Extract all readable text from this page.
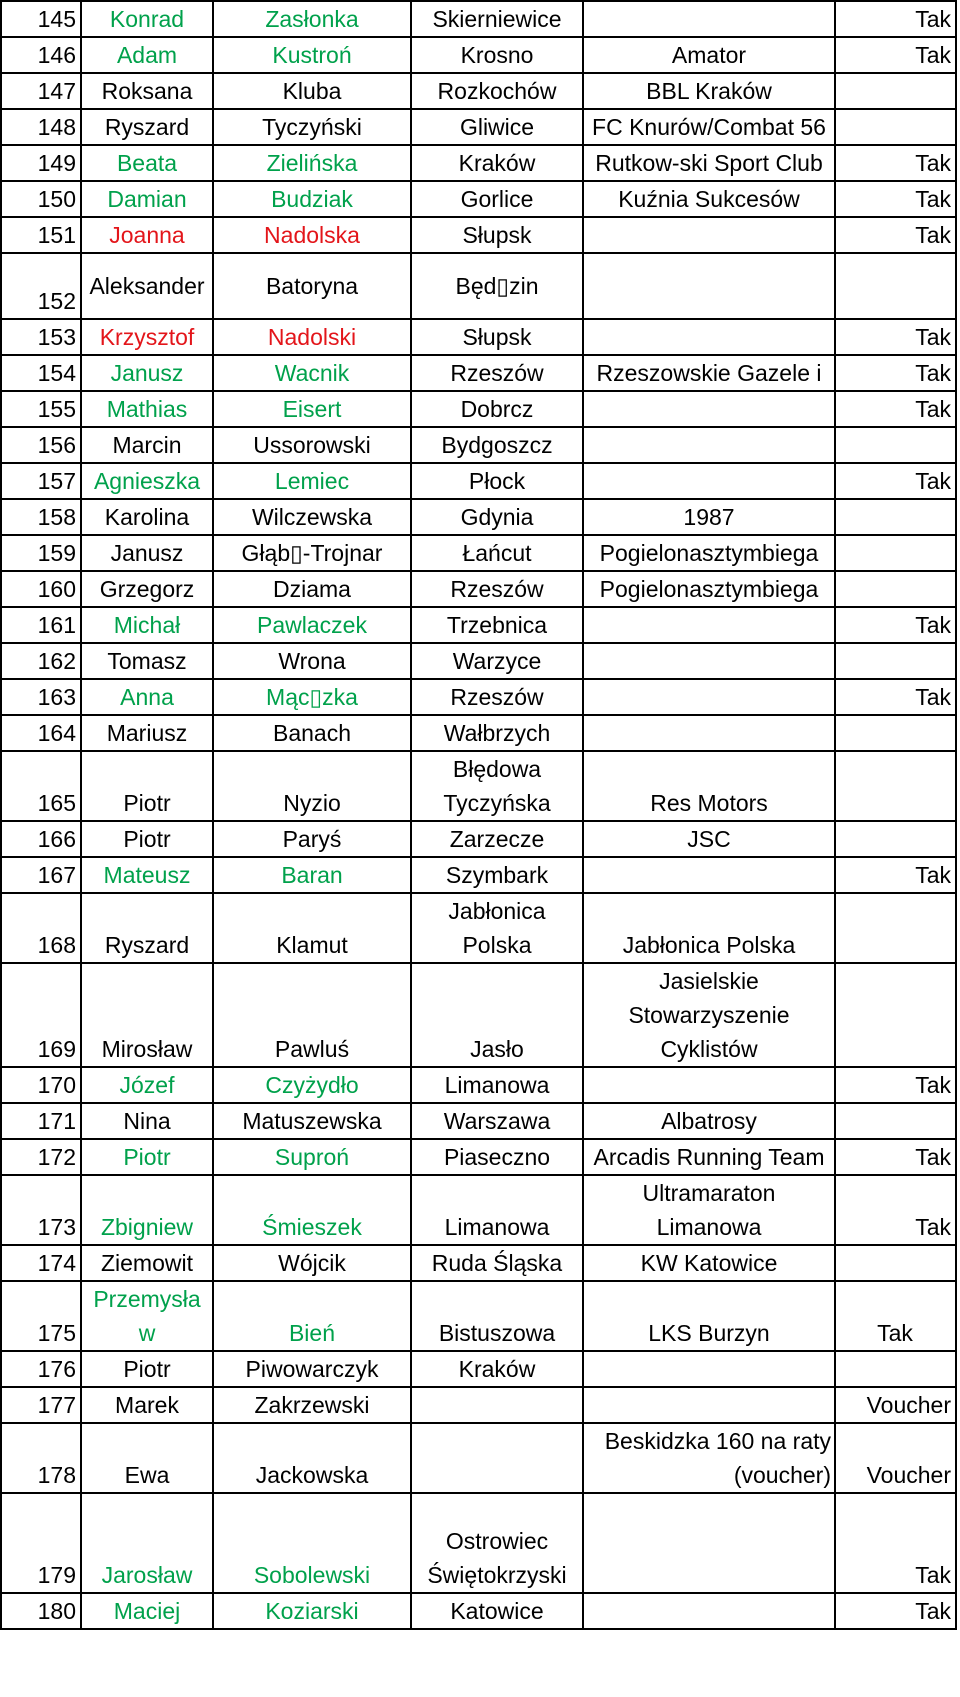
145	Konrad	Zasłonka	Skierniewice		Tak
146	Adam	Kustroń	Krosno	Amator	Tak
147	Roksana	Kluba	Rozkochów	BBL Kraków	
148	Ryszard	Tyczyński	Gliwice	FC Knurów/Combat 56	
149	Beata	Zielińska	Kraków	Rutkow-ski Sport Club	Tak
150	Damian	Budziak	Gorlice	Kuźnia Sukcesów	Tak
151	Joanna	Nadolska	Słupsk		Tak
152	Aleksander	Batoryna	Będ▯zin		
153	Krzysztof	Nadolski	Słupsk		Tak
154	Janusz	Wacnik	Rzeszów	Rzeszowskie Gazele i	Tak
155	Mathias	Eisert	Dobrcz		Tak
156	Marcin	Ussorowski	Bydgoszcz		
157	Agnieszka	Lemiec	Płock		Tak
158	Karolina	Wilczewska	Gdynia	1987	
159	Janusz	Głąb▯-Trojnar	Łańcut	Pogielonasztymbiega	
160	Grzegorz	Dziama	Rzeszów	Pogielonasztymbiega	
161	Michał	Pawlaczek	Trzebnica		Tak
162	Tomasz	Wrona	Warzyce		
163	Anna	Mąc▯zka	Rzeszów		Tak
164	Mariusz	Banach	Wałbrzych		
165	Piotr	Nyzio	Błędowa Tyczyńska	Res Motors	
166	Piotr	Paryś	Zarzecze	JSC	
167	Mateusz	Baran	Szymbark		Tak
168	Ryszard	Klamut	Jabłonica Polska	Jabłonica Polska	
169	Mirosław	Pawluś	Jasło	Jasielskie Stowarzyszenie Cyklistów	
170	Józef	Czyżydło	Limanowa		Tak
171	Nina	Matuszewska	Warszawa	Albatrosy	
172	Piotr	Suproń	Piaseczno	Arcadis Running Team	Tak
173	Zbigniew	Śmieszek	Limanowa	Ultramaraton Limanowa	Tak
174	Ziemowit	Wójcik	Ruda Śląska	KW Katowice	
175	Przemysła w	Bień	Bistuszowa	LKS Burzyn	Tak
176	Piotr	Piwowarczyk	Kraków		
177	Marek	Zakrzewski			Voucher
178	Ewa	Jackowska		Beskidzka 160 na raty (voucher)	Voucher
179	Jarosław	Sobolewski	Ostrowiec Świętokrzyski		Tak
180	Maciej	Koziarski	Katowice		Tak
